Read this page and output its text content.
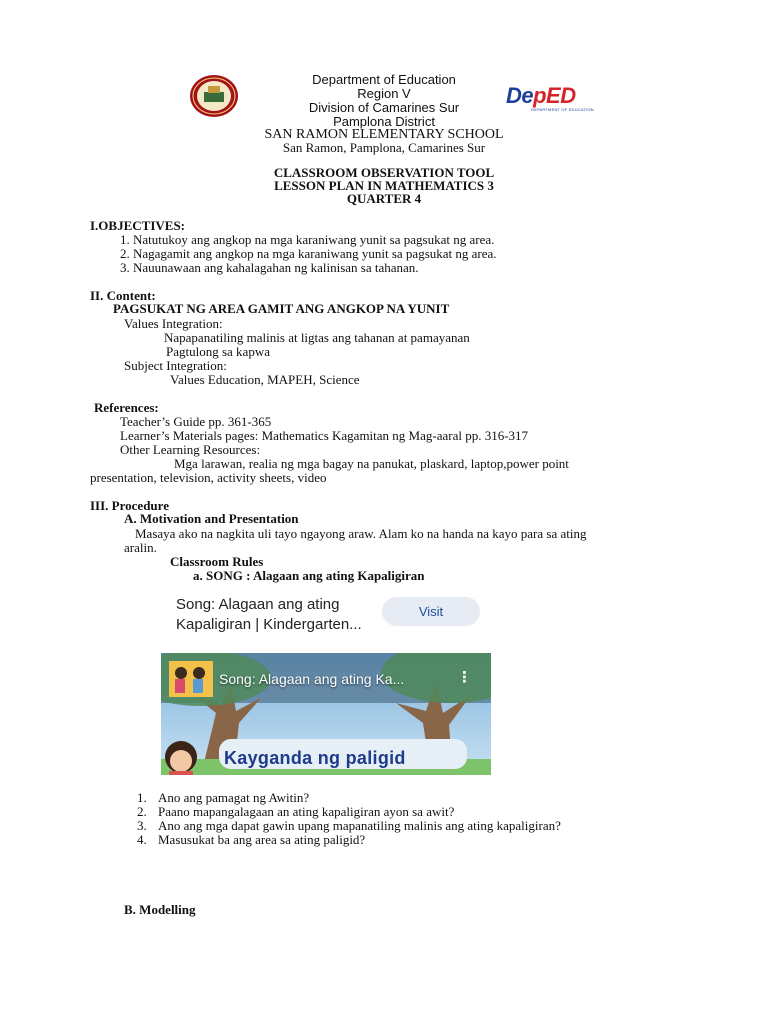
Department of Education
Region V
Division of Camarines Sur
Pamplona District
SAN RAMON ELEMENTARY SCHOOL
San Ramon, Pamplona, Camarines Sur
DepED
DEPARTMENT OF EDUCATION
CLASSROOM OBSERVATION TOOL
LESSON PLAN IN MATHEMATICS 3
QUARTER 4
I.OBJECTIVES:
1. Natutukoy ang angkop na mga karaniwang yunit sa pagsukat ng area.
2. Nagagamit ang angkop na mga karaniwang yunit sa pagsukat ng area.
3. Nauunawaan ang kahalagahan ng kalinisan sa tahanan.
II. Content:
PAGSUKAT NG AREA GAMIT ANG ANGKOP NA YUNIT
Values Integration:
Napapanatiling malinis at ligtas ang tahanan at pamayanan
Pagtulong sa kapwa
Subject Integration:
Values Education, MAPEH, Science
References:
Teacher’s Guide pp. 361-365
Learner’s Materials pages: Mathematics Kagamitan ng Mag-aaral pp. 316-317
Other Learning Resources:
Mga larawan, realia ng mga bagay na panukat, plaskard, laptop,power point
presentation, television, activity sheets, video
III. Procedure
A. Motivation and Presentation
Masaya ako na nagkita uli tayo ngayong araw. Alam ko na handa na kayo para sa ating
aralin.
Classroom Rules
a. SONG : Alagaan ang ating Kapaligiran
Song: Alagaan ang ating
Kapaligiran | Kindergarten...
Visit
Song: Alagaan ang ating Ka...	⋮
Kayganda ng paligid
1. Ano ang pamagat ng Awitin?
2. Paano mapangalagaan an ating kapaligiran ayon sa awit?
3. Ano ang mga dapat gawin upang mapanatiling malinis ang ating kapaligiran?
4. Masusukat ba ang area sa ating paligid?
B. Modelling
